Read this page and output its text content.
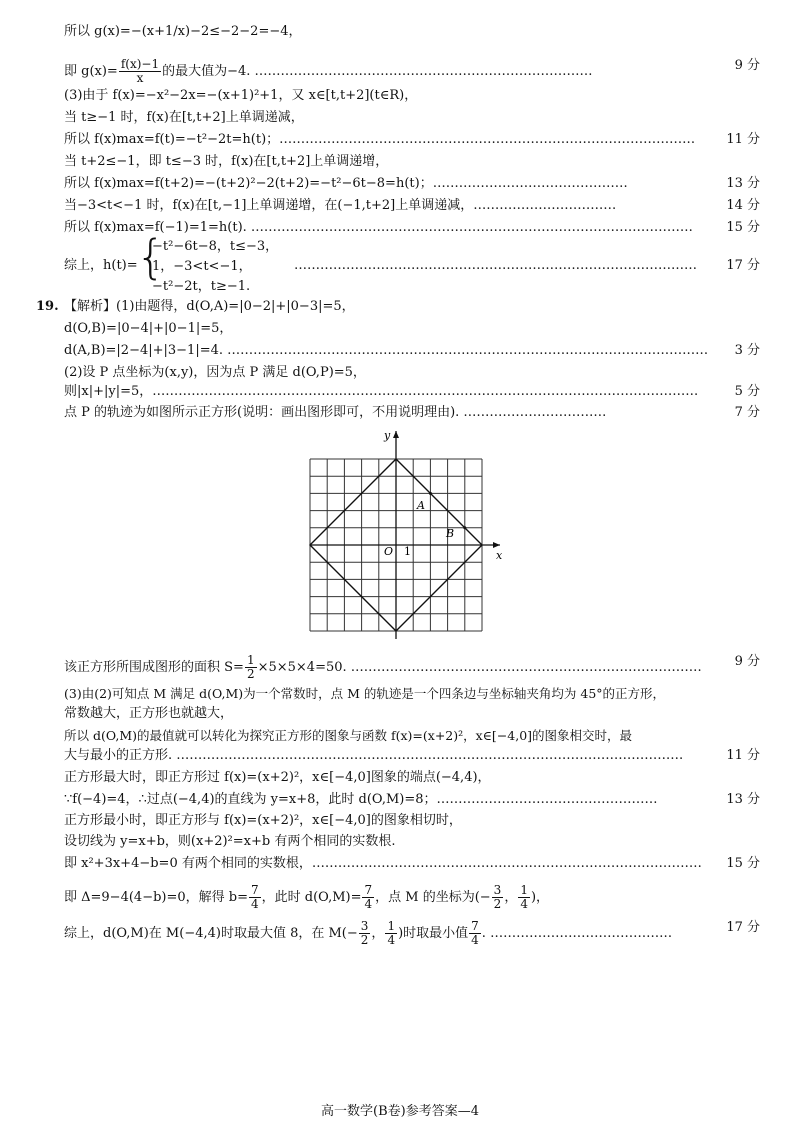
所以 g(x)=−(x+1/x)−2≤−2−2=−4，
即 $g(x)= \frac{f(x)-1}{x}$ 的最大值为−4. ……………………………………………………………………	9 分
(3)由于 f(x)=−x²−2x=−(x+1)²+1，又 x∈[t,t+2](t∈R)，
当 t≥−1 时，f(x)在[t,t+2]上单调递减，
所以 f(x)max=f(t)=−t²−2t=h(t)；…………………………………………………………………………………… 11 分
当 t+2≤−1，即 t≤−3 时，f(x)在[t,t+2]上单调递增，
所以 f(x)max=f(t+2)=−(t+2)²−2(t+2)=−t²−6t−8=h(t)；………………………………………	13 分
当−3<t<−1 时，f(x)在[t,−1]上单调递增，在(−1,t+2]上单调递减，……………………………	14 分
所以 f(x)max=f(−1)=1=h(t). …………………………………………………………………………………………	15 分
综上，h(t)=	………………………………………………………………………………… 17 分
{
−t²−6t−8，t≤−3，
1，−3<t<−1，
−t²−2t，t≥−1.
19. 【解析】(1)由题得，d(O,A)=|0−2|+|0−3|=5，
d(O,B)=|0−4|+|0−1|=5，
d(A,B)=|2−4|+|3−1|=4. ………………………………………………………………………………………………… 3 分
(2)设 P 点坐标为(x,y)，因为点 P 满足 d(O,P)=5，
则|x|+|y|=5，………………………………………………………………………………………………………………	5 分
点 P 的轨迹为如图所示正方形(说明：画出图形即可，不用说明理由). ……………………………	7 分
y
x
O 1
A
B
该正方形所围成图形的面积 $S= \frac{1}{2} \times 5\times 5\times 4=50$. ………………………………………………………………………	9 分
(3)由(2)可知点 M 满足 d(O,M)为一个常数时，点 M 的轨迹是一个四条边与坐标轴夹角均为 45°的正方形，
常数越大，正方形也就越大，
所以 d(O,M)的最值就可以转化为探究正方形的图象与函数 f(x)=(x+2)²，x∈[−4,0]的图象相交时，最
大与最小的正方形. ………………………………………………………………………………………………………	11 分
正方形最大时，即正方形过 f(x)=(x+2)²，x∈[−4,0]图象的端点(−4,4)，
∵f(−4)=4，∴过点(−4,4)的直线为 y=x+8，此时 d(O,M)=8；……………………………………………	13 分
正方形最小时，即正方形与 f(x)=(x+2)²，x∈[−4,0]的图象相切时，
设切线为 y=x+b，则(x+2)²=x+b 有两个相同的实数根.
即 x²+3x+4−b=0 有两个相同的实数根，……………………………………………………………………………… 15 分
即 Δ=9−4(4−b)=0，解得 $b= \frac{7}{4}$ ，此时 $d(O,M)= \frac{7}{4}$ ，点 M 的坐标为(− $\frac{3}{2}$ ， $\frac{1}{4}$ )，
综上，d(O,M)在 M(−4,4)时取最大值 8，在 $M(- \frac{3}{2}$ ， $\frac{1}{4}$ )时取最小值 $\frac{7}{4}$ . ……………………………………	17 分
高一数学(B卷)参考答案—4
